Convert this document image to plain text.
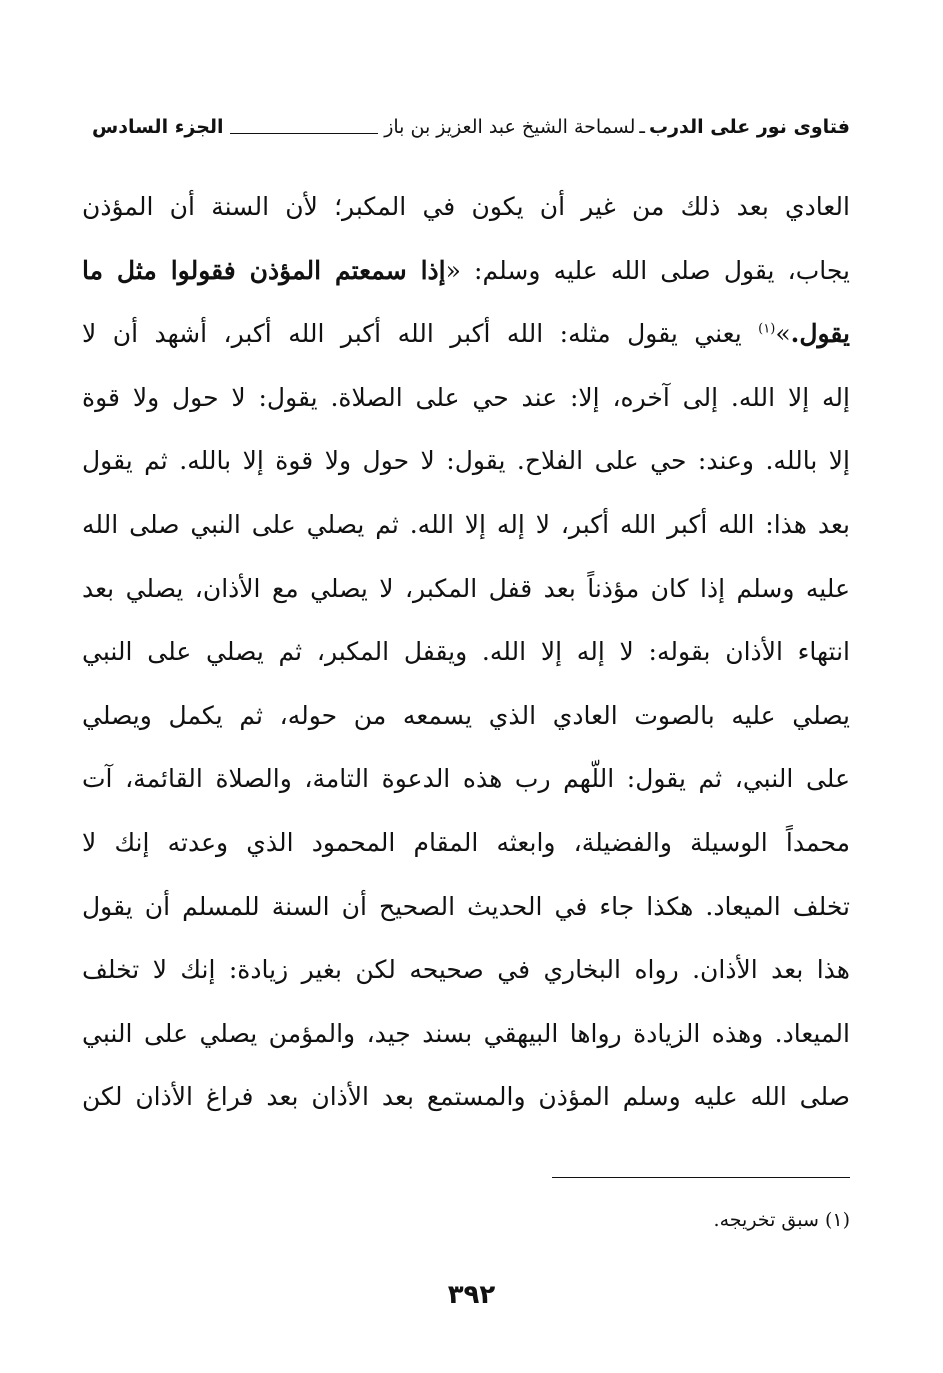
فتاوى نور على الدرب
ـ
لسماحة الشيخ عبد العزيز بن باز
الجزء السادس
العادي بعد ذلك من غير أن يكون في المكبر؛ لأن السنة أن المؤذن
يجاب، يقول صلى الله عليه وسلم: «إذا سمعتم المؤذن فقولوا مثل ما
يقول.»$^{(١)}$ يعني يقول مثله: الله أكبر الله أكبر الله أكبر، أشهد أن لا
إله إلا الله. إلى آخره، إلا: عند حي على الصلاة. يقول: لا حول ولا قوة
إلا بالله. وعند: حي على الفلاح. يقول: لا حول ولا قوة إلا بالله. ثم يقول
بعد هذا: الله أكبر الله أكبر، لا إله إلا الله. ثم يصلي على النبي صلى الله
عليه وسلم إذا كان مؤذناً بعد قفل المكبر، لا يصلي مع الأذان، يصلي بعد
انتهاء الأذان بقوله: لا إله إلا الله. ويقفل المكبر، ثم يصلي على النبي
يصلي عليه بالصوت العادي الذي يسمعه من حوله، ثم يكمل ويصلي
على النبي، ثم يقول: اللّهم رب هذه الدعوة التامة، والصلاة القائمة، آت
محمداً الوسيلة والفضيلة، وابعثه المقام المحمود الذي وعدته إنك لا
تخلف الميعاد. هكذا جاء في الحديث الصحيح أن السنة للمسلم أن يقول
هذا بعد الأذان. رواه البخاري في صحيحه لكن بغير زيادة: إنك لا تخلف
الميعاد. وهذه الزيادة رواها البيهقي بسند جيد، والمؤمن يصلي على النبي
صلى الله عليه وسلم المؤذن والمستمع بعد الأذان بعد فراغ الأذان لكن
(١) سبق تخريجه.
٣٩٢
